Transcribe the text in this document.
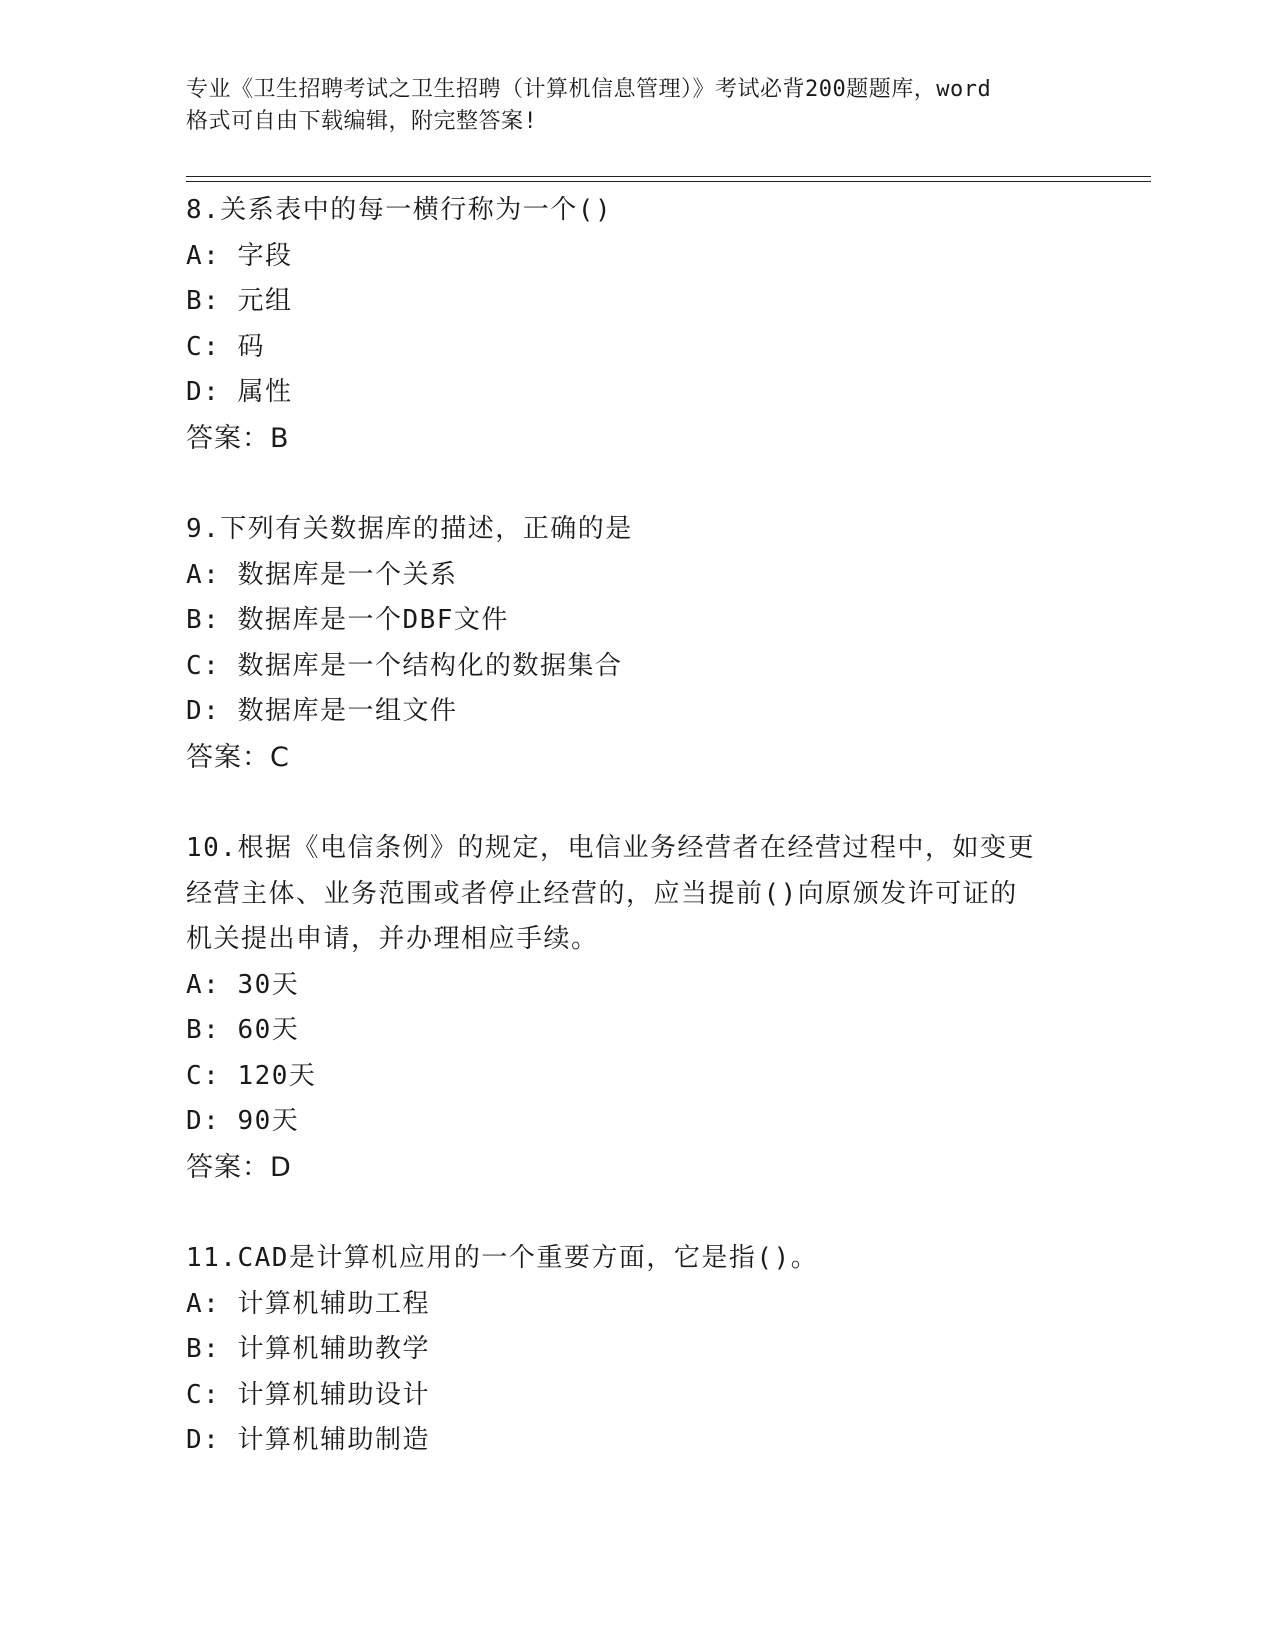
专业《卫生招聘考试之卫生招聘（计算机信息管理）》考试必背200题题库，word

格式可自由下载编辑，附完整答案!

8.关系表中的每一横行称为一个()
A: 字段
B: 元组
C: 码
D: 属性
答案：B
9.下列有关数据库的描述，正确的是
A: 数据库是一个关系
B: 数据库是一个DBF文件
C: 数据库是一个结构化的数据集合
D: 数据库是一组文件
答案：C
10.根据《电信条例》的规定，电信业务经营者在经营过程中，如变更
经营主体、业务范围或者停止经营的，应当提前()向原颁发许可证的
机关提出申请，并办理相应手续。
A: 30天
B: 60天
C: 120天
D: 90天
答案：D
11.CAD是计算机应用的一个重要方面，它是指()。
A: 计算机辅助工程
B: 计算机辅助教学
C: 计算机辅助设计
D: 计算机辅助制造
